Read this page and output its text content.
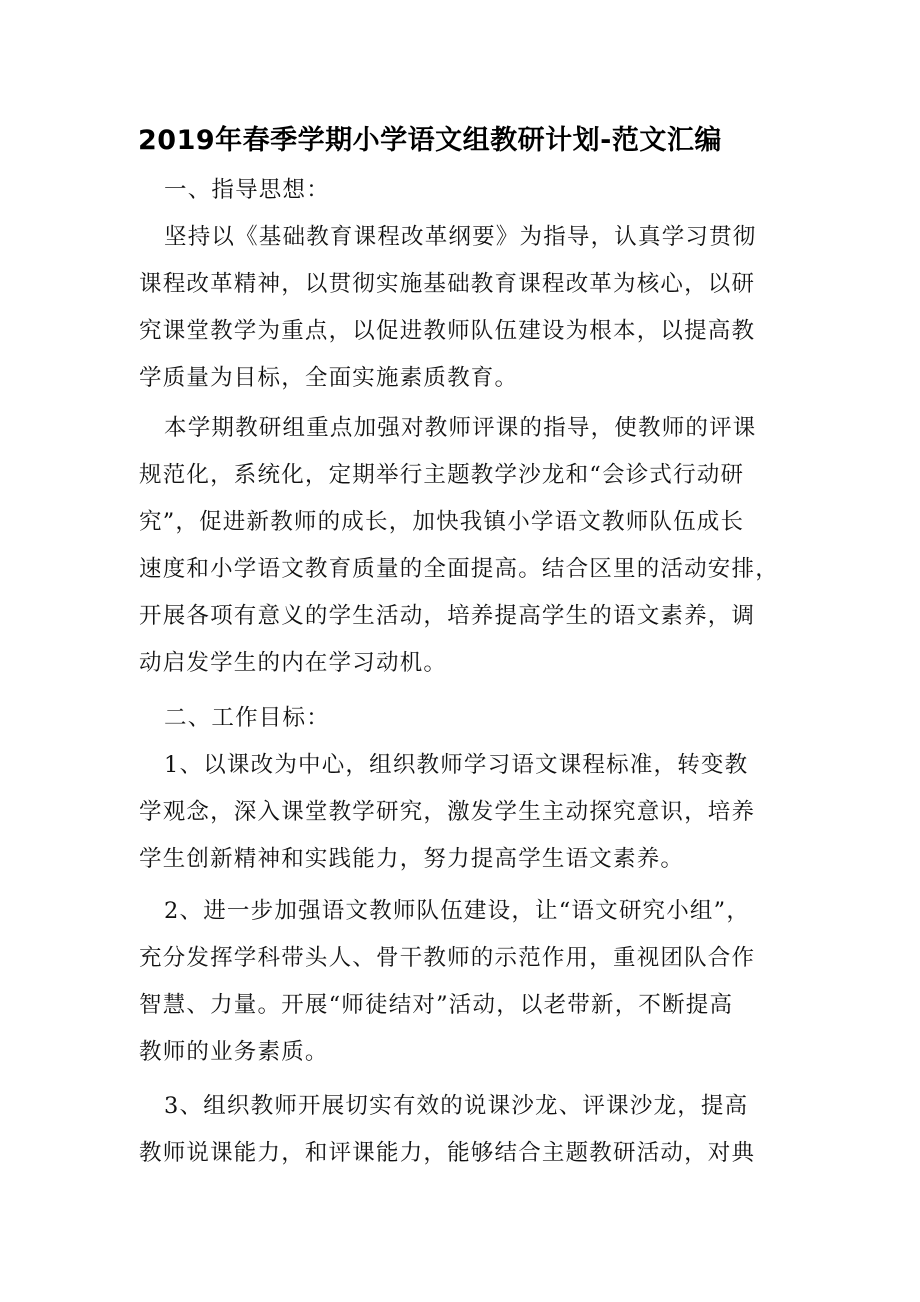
2019年春季学期小学语文组教研计划-范文汇编
一、指导思想：
坚持以《基础教育课程改革纲要》为指导，认真学习贯彻
课程改革精神，以贯彻实施基础教育课程改革为核心，以研
究课堂教学为重点，以促进教师队伍建设为根本，以提高教
学质量为目标，全面实施素质教育。
本学期教研组重点加强对教师评课的指导，使教师的评课
规范化，系统化，定期举行主题教学沙龙和“会诊式行动研
究”，促进新教师的成长，加快我镇小学语文教师队伍成长
速度和小学语文教育质量的全面提高。结合区里的活动安排，
开展各项有意义的学生活动，培养提高学生的语文素养，调
动启发学生的内在学习动机。
二、工作目标：
1、以课改为中心，组织教师学习语文课程标准，转变教
学观念，深入课堂教学研究，激发学生主动探究意识，培养
学生创新精神和实践能力，努力提高学生语文素养。
2、进一步加强语文教师队伍建设，让“语文研究小组”，
充分发挥学科带头人、骨干教师的示范作用，重视团队合作
智慧、力量。开展“师徒结对”活动，以老带新，不断提高
教师的业务素质。
3、组织教师开展切实有效的说课沙龙、评课沙龙，提高
教师说课能力，和评课能力，能够结合主题教研活动，对典
